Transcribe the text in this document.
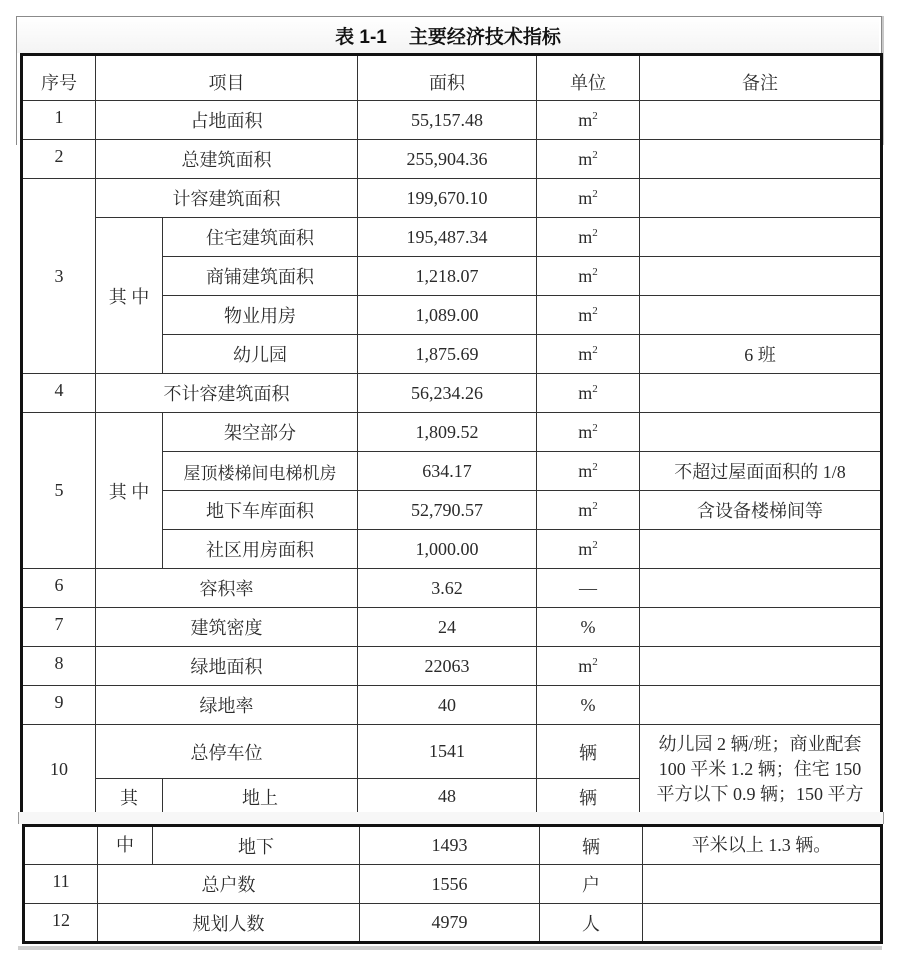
表 1-1 主要经济技术指标
序号	项目		面积	单位	备注
1	占地面积		55,157.48	$m^2$	
2	总建筑面积		255,904.36	$m^2$	
3	计容建筑面积		199,670.10	$m^2$	
	其 中	住宅建筑面积	195,487.34	$m^2$	
		商铺建筑面积	1,218.07	$m^2$	
		物业用房	1,089.00	$m^2$	
		幼儿园	1,875.69	$m^2$	6 班
4	不计容建筑面积		56,234.26	$m^2$	
5	其 中	架空部分	1,809.52	$m^2$	
		屋顶楼梯间电梯机房	634.17	$m^2$	不超过屋面面积的 1/8
		地下车库面积	52,790.57	$m^2$	含设备楼梯间等
		社区用房面积	1,000.00	$m^2$	
6	容积率		3.62	—	
7	建筑密度		24	%	
8	绿地面积		22063	$m^2$	
9	绿地率		40	%	
10	总停车位		1541	辆	幼儿园 2 辆/班；商业配套
100 平米 1.2 辆；住宅 150
平方以下 0.9 辆；150 平方

	其	地上	48	辆	
	中	地下	1493	辆	平米以上 1.3 辆。
11	总户数		1556	户	
12	规划人数		4979	人	
